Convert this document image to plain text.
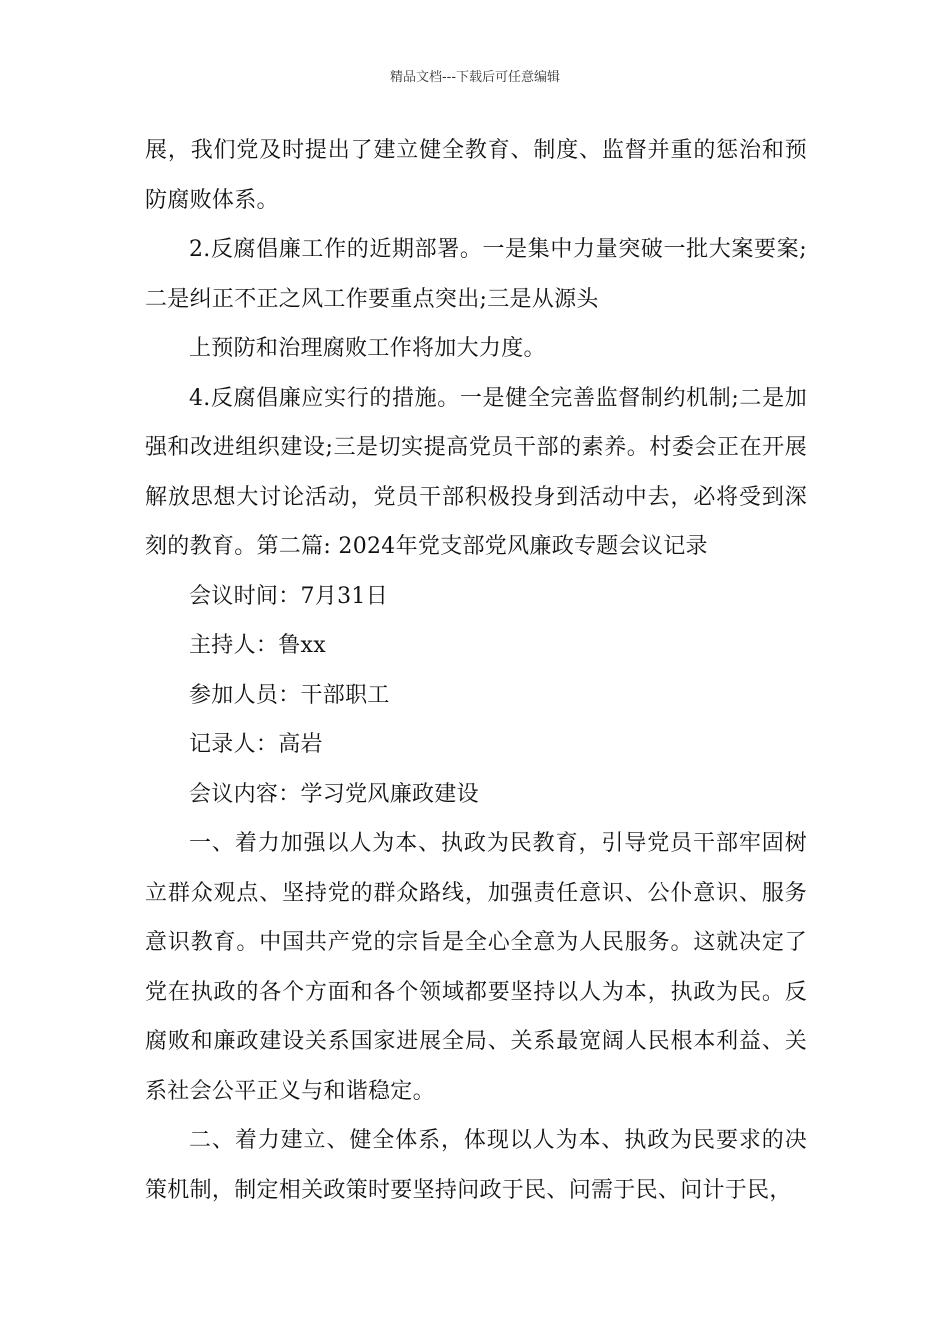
精品文档---下载后可任意编辑

展，我们党及时提出了建立健全教育、制度、监督并重的惩治和预防腐败体系。

2.反腐倡廉工作的近期部署。一是集中力量突破一批大案要案;二是纠正不正之风工作要重点突出;三是从源头

上预防和治理腐败工作将加大力度。

4.反腐倡廉应实行的措施。一是健全完善监督制约机制;二是加强和改进组织建设;三是切实提高党员干部的素养。村委会正在开展解放思想大讨论活动，党员干部积极投身到活动中去，必将受到深刻的教育。第二篇: 2024年党支部党风廉政专题会议记录

会议时间：7月31日

主持人：鲁xx

参加人员：干部职工

记录人：高岩

会议内容：学习党风廉政建设

一、着力加强以人为本、执政为民教育，引导党员干部牢固树立群众观点、坚持党的群众路线，加强责任意识、公仆意识、服务意识教育。中国共产党的宗旨是全心全意为人民服务。这就决定了党在执政的各个方面和各个领域都要坚持以人为本，执政为民。反腐败和廉政建设关系国家进展全局、关系最宽阔人民根本利益、关系社会公平正义与和谐稳定。

二、着力建立、健全体系，体现以人为本、执政为民要求的决策机制，制定相关政策时要坚持问政于民、问需于民、问计于民，
